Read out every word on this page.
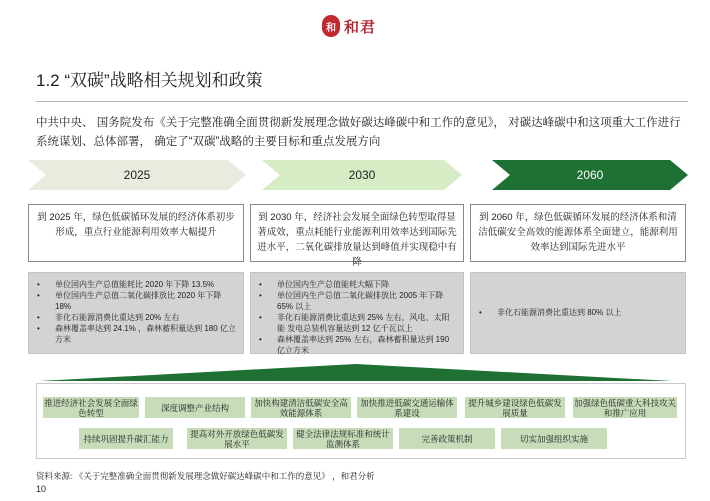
和 和君
1.2 “双碳”战略相关规划和政策
中共中央、 国务院发布《关于完整准确全面贯彻新发展理念做好碳达峰碳中和工作的意见》， 对碳达峰碳中和这项重大工作进行系统谋划、总体部署， 确定了“双碳”战略的主要目标和重点发展方向
2025	2030	2060
到 2025 年，绿色低碳循环发展的经济体系初步形成，重点行业能源利用效率大幅提升
到 2030 年，经济社会发展全面绿色转型取得显著成效，重点耗能行业能源利用效率达到国际先进水平，二氧化碳排放量达到峰值并实现稳中有降
到 2060 年，绿色低碳循环发展的经济体系和清洁低碳安全高效的能源体系全面建立，能源利用效率达到国际先进水平
• 单位国内生产总值能耗比 2020 年下降 13.5%
• 单位国内生产总值二氧化碳排放比 2020 年下降 18%
• 非化石能源消费比重达到 20% 左右
• 森林覆盖率达到 24.1% ，森林蓄积量达到 180 亿立方米
• 单位国内生产总值能耗大幅下降
• 单位国内生产总值二氧化碳排放比 2005 年下降 65% 以上
• 非化石能源消费比重达到 25% 左右，风电、太阳能 发电总装机容量达到 12 亿千瓦以上
• 森林覆盖率达到 25% 左右，森林蓄积量达到 190 亿立方米
• 非化石能源消费比重达到 80% 以上
推进经济社会发展全面绿色转型	深度调整产业结构	加快构建清洁低碳安全高效能源体系
加快推进低碳交通运输体系建设
提升城乡建设绿色低碳发展质量
加强绿色低碳重大科技攻关和推广应用
持续巩固提升碳汇能力	提高对外开放绿色低碳发展水平
健全法律法规标准和统计监测体系	完善政策机制	切实加强组织实施
资料来源: 《关于完整准确全面贯彻新发展理念做好碳达峰碳中和工作的意见》 ，和君分析
10
